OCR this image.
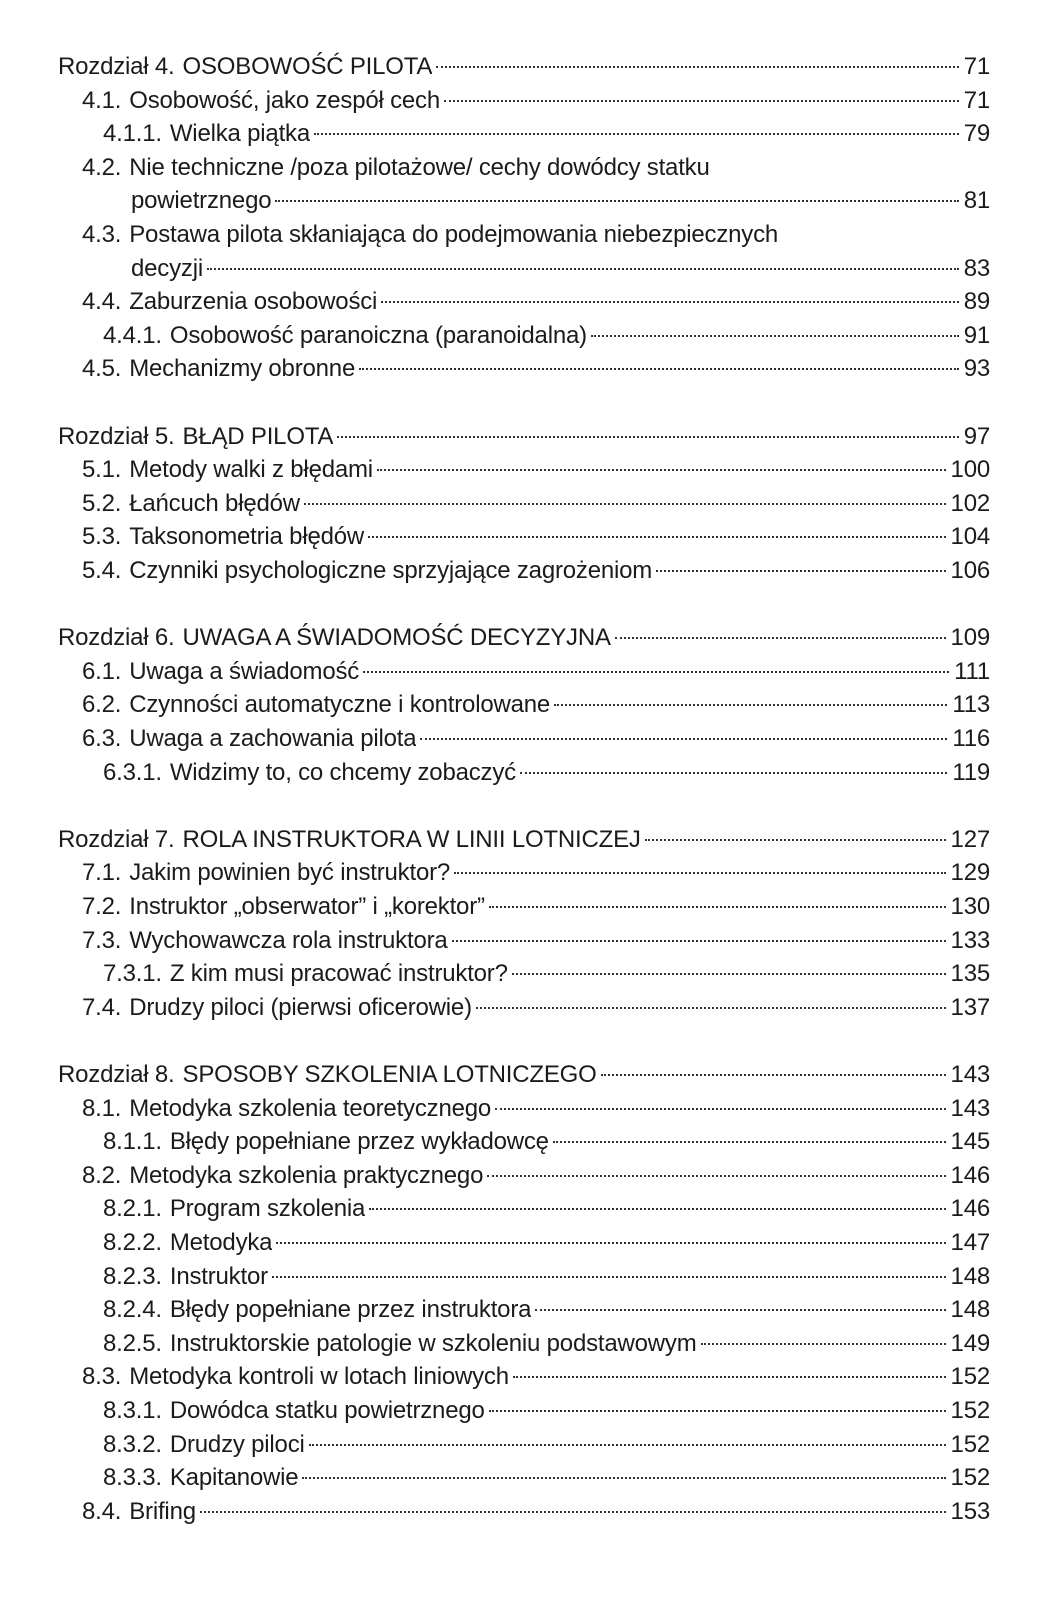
Rozdział 4. OSOBOWOŚĆ PILOTA	71
4.1. Osobowość, jako zespół cech	71
4.1.1. Wielka piątka	79
4.2. Nie techniczne /poza pilotażowe/ cechy dowódcy statku
powietrznego	81
4.3. Postawa pilota skłaniająca do podejmowania niebezpiecznych
decyzji	83
4.4. Zaburzenia osobowości	89
4.4.1. Osobowość paranoiczna (paranoidalna)	91
4.5. Mechanizmy obronne	93
Rozdział 5. BŁĄD PILOTA	97
5.1. Metody walki z błędami	100
5.2. Łańcuch błędów	102
5.3. Taksonometria błędów	104
5.4. Czynniki psychologiczne sprzyjające zagrożeniom	106
Rozdział 6. UWAGA A ŚWIADOMOŚĆ DECYZYJNA	109
6.1. Uwaga a świadomość	111
6.2. Czynności automatyczne i kontrolowane	113
6.3. Uwaga a zachowania pilota	116
6.3.1. Widzimy to, co chcemy zobaczyć	119
Rozdział 7. ROLA INSTRUKTORA W LINII LOTNICZEJ	127
7.1. Jakim powinien być instruktor?	129
7.2. Instruktor „obserwator” i „korektor”	130
7.3. Wychowawcza rola instruktora	133
7.3.1. Z kim musi pracować instruktor?	135
7.4. Drudzy piloci (pierwsi oficerowie)	137
Rozdział 8. SPOSOBY SZKOLENIA LOTNICZEGO	143
8.1. Metodyka szkolenia teoretycznego	143
8.1.1. Błędy popełniane przez wykładowcę	145
8.2. Metodyka szkolenia praktycznego	146
8.2.1. Program szkolenia	146
8.2.2. Metodyka	147
8.2.3. Instruktor	148
8.2.4. Błędy popełniane przez instruktora	148
8.2.5. Instruktorskie patologie w szkoleniu podstawowym	149
8.3. Metodyka kontroli w lotach liniowych	152
8.3.1. Dowódca statku powietrznego	152
8.3.2. Drudzy piloci	152
8.3.3. Kapitanowie	152
8.4. Brifing	153
